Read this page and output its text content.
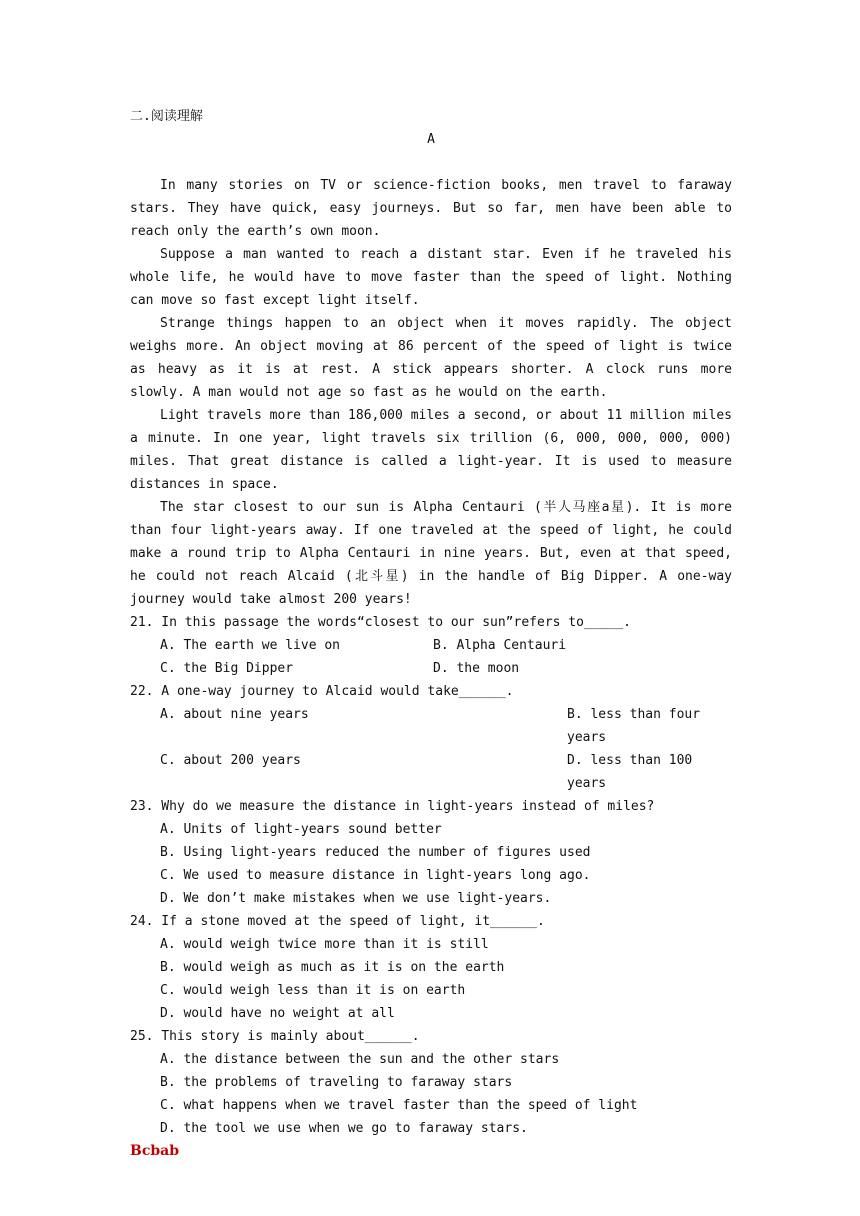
二.阅读理解
A

In many stories on TV or science-fiction books, men travel to faraway stars. They have quick, easy journeys. But so far, men have been able to reach only the earth’s own moon.

Suppose a man wanted to reach a distant star. Even if he traveled his whole life, he would have to move faster than the speed of light. Nothing can move so fast except light itself.

Strange things happen to an object when it moves rapidly. The object weighs more. An object moving at 86 percent of the speed of light is twice as heavy as it is at rest. A stick appears shorter. A clock runs more slowly. A man would not age so fast as he would on the earth.

Light travels more than 186,000 miles a second, or about 11 million miles a minute. In one year, light travels six trillion (6, 000, 000, 000, 000) miles. That great distance is called a light-year. It is used to measure distances in space.

The star closest to our sun is Alpha Centauri (半人马座a星). It is more than four light-years away. If one traveled at the speed of light, he could make a round trip to Alpha Centauri in nine years. But, even at that speed, he could not reach Alcaid (北斗星) in the handle of Big Dipper. A one-way journey would take almost 200 years!

21. In this passage the words“closest to our sun”refers to_____.

A. The earth we live on	B. Alpha Centauri
C. the Big Dipper	D. the moon

22. A one-way journey to Alcaid would take______.

A. about nine years	B. less than four years
C. about 200 years	D. less than 100 years

23. Why do we measure the distance in light-years instead of miles?

A. Units of light-years sound better
B. Using light-years reduced the number of figures used
C. We used to measure distance in light-years long ago.
D. We don’t make mistakes when we use light-years.

24. If a stone moved at the speed of light, it______.

A. would weigh twice more than it is still
B. would weigh as much as it is on the earth
C. would weigh less than it is on earth
D. would have no weight at all

25. This story is mainly about______.

A. the distance between the sun and the other stars
B. the problems of traveling to faraway stars
C. what happens when we travel faster than the speed of light
D. the tool we use when we go to faraway stars.
Bcbab
